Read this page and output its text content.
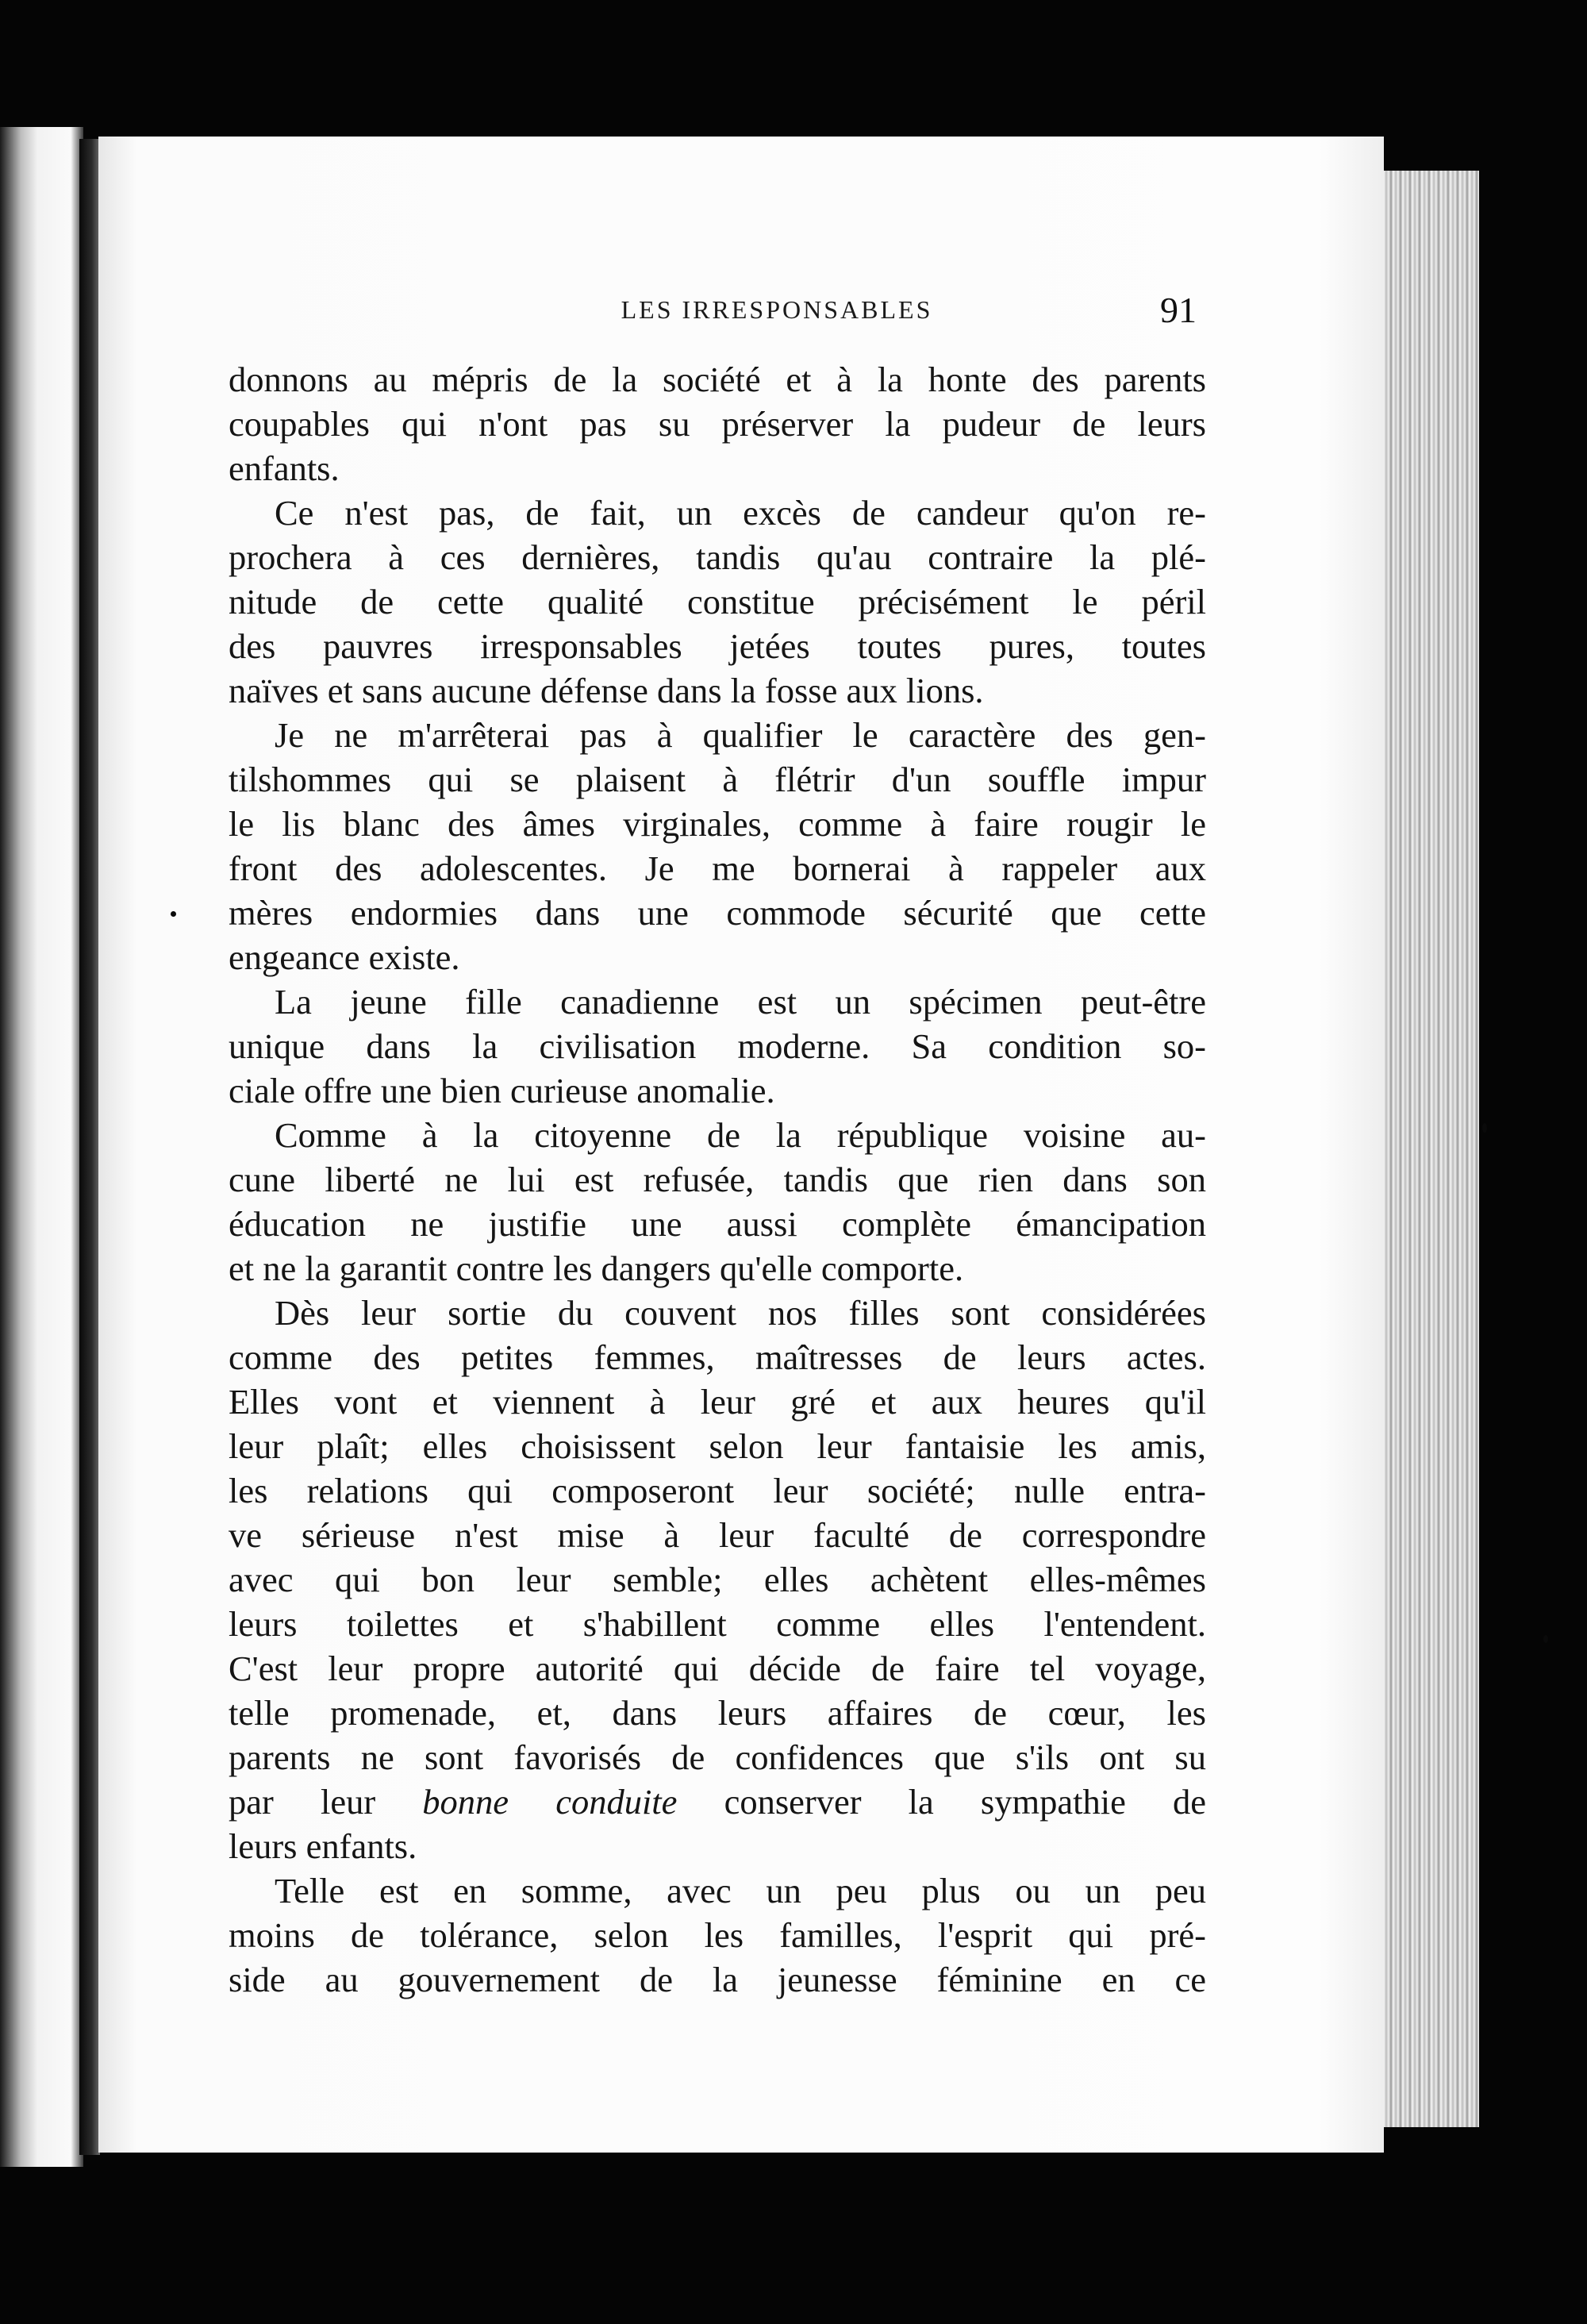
LES IRRESPONSABLES	91
donnons au mépris de la société et à la honte des parents
coupables qui n'ont pas su préserver la pudeur de leurs
enfants.
Ce n'est pas, de fait, un excès de candeur qu'on re-
prochera à ces dernières, tandis qu'au contraire la plé-
nitude de cette qualité constitue précisément le péril
des pauvres irresponsables jetées toutes pures, toutes
naïves et sans aucune défense dans la fosse aux lions.
Je ne m'arrêterai pas à qualifier le caractère des gen-
tilshommes qui se plaisent à flétrir d'un souffle impur
le lis blanc des âmes virginales, comme à faire rougir le
front des adolescentes. Je me bornerai à rappeler aux
mères endormies dans une commode sécurité que cette
engeance existe.
La jeune fille canadienne est un spécimen peut-être
unique dans la civilisation moderne. Sa condition so-
ciale offre une bien curieuse anomalie.
Comme à la citoyenne de la république voisine au-
cune liberté ne lui est refusée, tandis que rien dans son
éducation ne justifie une aussi complète émancipation
et ne la garantit contre les dangers qu'elle comporte.
Dès leur sortie du couvent nos filles sont considérées
comme des petites femmes, maîtresses de leurs actes.
Elles vont et viennent à leur gré et aux heures qu'il
leur plaît; elles choisissent selon leur fantaisie les amis,
les relations qui composeront leur société; nulle entra-
ve sérieuse n'est mise à leur faculté de correspondre
avec qui bon leur semble; elles achètent elles-mêmes
leurs toilettes et s'habillent comme elles l'entendent.
C'est leur propre autorité qui décide de faire tel voyage,
telle promenade, et, dans leurs affaires de cœur, les
parents ne sont favorisés de confidences que s'ils ont su
par leur bonne conduite conserver la sympathie de
leurs enfants.
Telle est en somme, avec un peu plus ou un peu
moins de tolérance, selon les familles, l'esprit qui pré-
side au gouvernement de la jeunesse féminine en ce
